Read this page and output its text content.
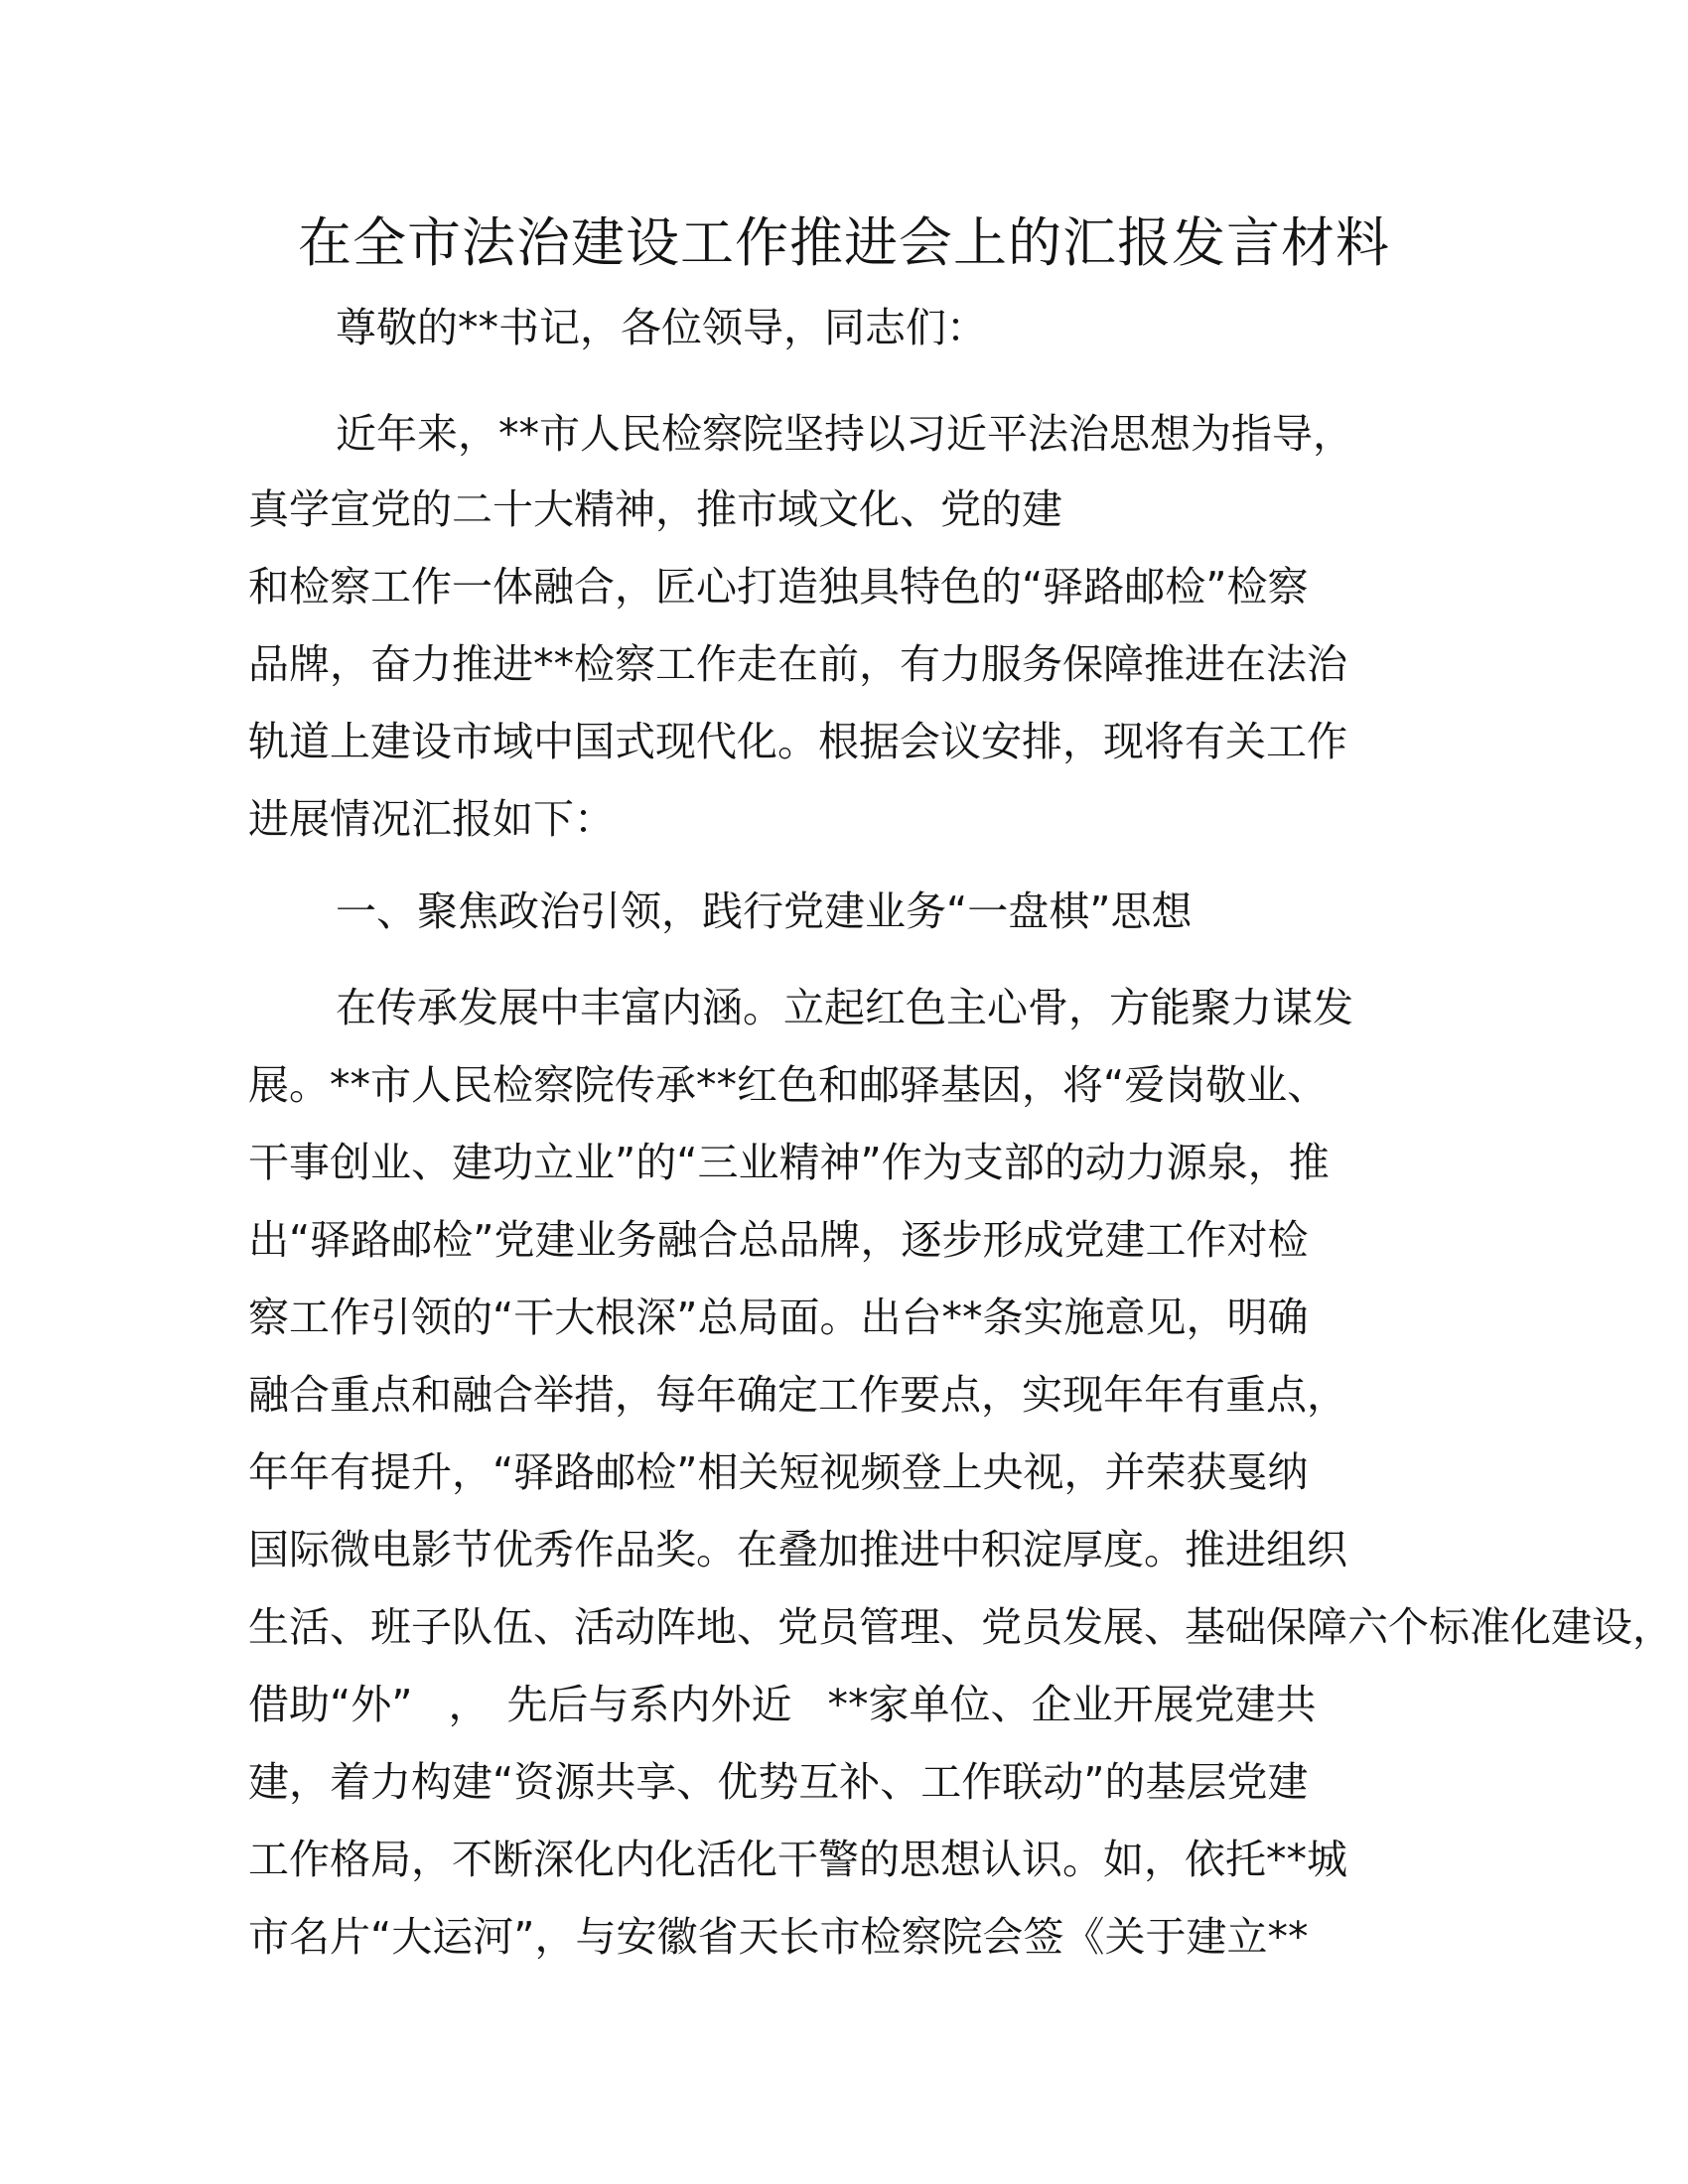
在全市法治建设工作推进会上的汇报发言材料

尊敬的**书记，各位领导，同志们：

近年来，**市人民检察院坚持以习近平法治思想为指导，

真学宣党的二十大精神，推市域文化、党的建

和检察工作一体融合，匠心打造独具特色的“驿路邮检”检察

品牌，奋力推进**检察工作走在前，有力服务保障推进在法治

轨道上建设市域中国式现代化。根据会议安排，现将有关工作

进展情况汇报如下：

一、聚焦政治引领，践行党建业务“一盘棋”思想

在传承发展中丰富内涵。立起红色主心骨，方能聚力谋发

展。**市人民检察院传承**红色和邮驿基因，将“爱岗敬业、

干事创业、建功立业”的“三业精神”作为支部的动力源泉，推

出“驿路邮检”党建业务融合总品牌，逐步形成党建工作对检

察工作引领的“干大根深”总局面。出台**条实施意见，明确

融合重点和融合举措，每年确定工作要点，实现年年有重点，

年年有提升，“驿路邮检”相关短视频登上央视，并荣获戛纳

国际微电影节优秀作品奖。在叠加推进中积淀厚度。推进组织

生活、班子队伍、活动阵地、党员管理、党员发展、基础保障六个标准化建设，

借助“外” ， 先后与系内外近 **家单位、企业开展党建共

建，着力构建“资源共享、优势互补、工作联动”的基层党建

工作格局，不断深化内化活化干警的思想认识。如，依托**城

市名片“大运河”，与安徽省天长市检察院会签《关于建立**
